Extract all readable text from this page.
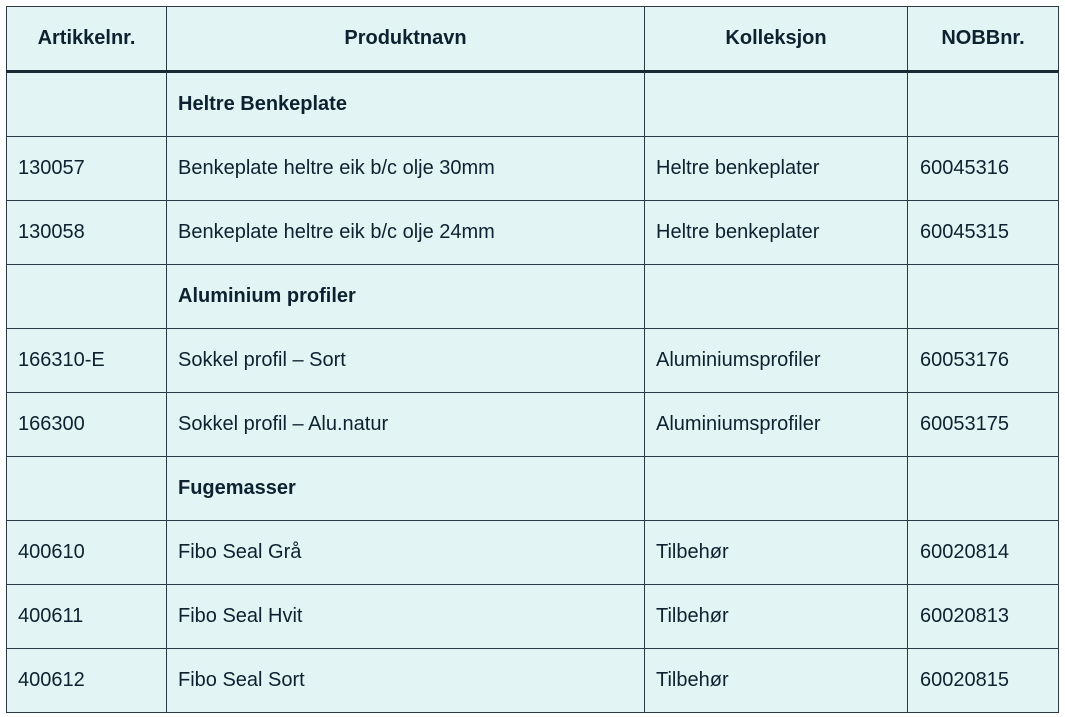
Artikkelnr.	Produktnavn	Kolleksjon	NOBBnr.
	Heltre Benkeplate		
130057	Benkeplate heltre eik b/c olje 30mm	Heltre benkeplater	60045316
130058	Benkeplate heltre eik b/c olje 24mm	Heltre benkeplater	60045315
	Aluminium profiler		
166310-E	Sokkel profil – Sort	Aluminiumsprofiler	60053176
166300	Sokkel profil – Alu.natur	Aluminiumsprofiler	60053175
	Fugemasser		
400610	Fibo Seal Grå	Tilbehør	60020814
400611	Fibo Seal Hvit	Tilbehør	60020813
400612	Fibo Seal Sort	Tilbehør	60020815
